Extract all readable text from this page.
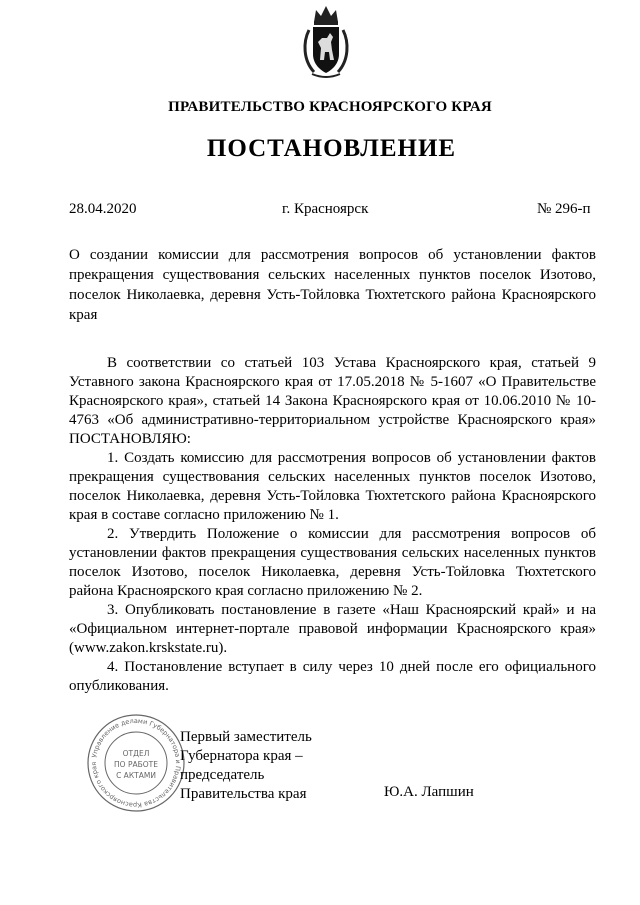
ПРАВИТЕЛЬСТВО КРАСНОЯРСКОГО КРАЯ
ПОСТАНОВЛЕНИЕ
28.04.2020	г. Красноярск	№ 296-п
О создании комиссии для рассмотрения вопросов об установлении фактов прекращения существования сельских населенных пунктов поселок Изотово, поселок Николаевка, деревня Усть-Тойловка Тюхтетского района Красноярского края

В соответствии со статьей 103 Устава Красноярского края, статьей 9 Уставного закона Красноярского края от 17.05.2018 № 5-1607 «О Правительстве Красноярского края», статьей 14 Закона Красноярского края от 10.06.2010 № 10-4763 «Об административно-территориальном устройстве Красноярского края» ПОСТАНОВЛЯЮ:

1. Создать комиссию для рассмотрения вопросов об установлении фактов прекращения существования сельских населенных пунктов поселок Изотово, поселок Николаевка, деревня Усть-Тойловка Тюхтетского района Красноярского края в составе согласно приложению № 1.

2. Утвердить Положение о комиссии для рассмотрения вопросов об установлении фактов прекращения существования сельских населенных пунктов поселок Изотово, поселок Николаевка, деревня Усть-Тойловка Тюхтетского района Красноярского края согласно приложению № 2.

3. Опубликовать постановление в газете «Наш Красноярский край» и на «Официальном интернет-портале правовой информации Красноярского края» (www.zakon.krskstate.ru).

4. Постановление вступает в силу через 10 дней после его официального опубликования.

Управление делами Губернатора и Правительства Красноярского края
ОТДЕЛ
ПО РАБОТЕ
С АКТАМИ
Первый заместитель
Губернатора края –
председатель
Правительства края	Ю.А. Лапшин
